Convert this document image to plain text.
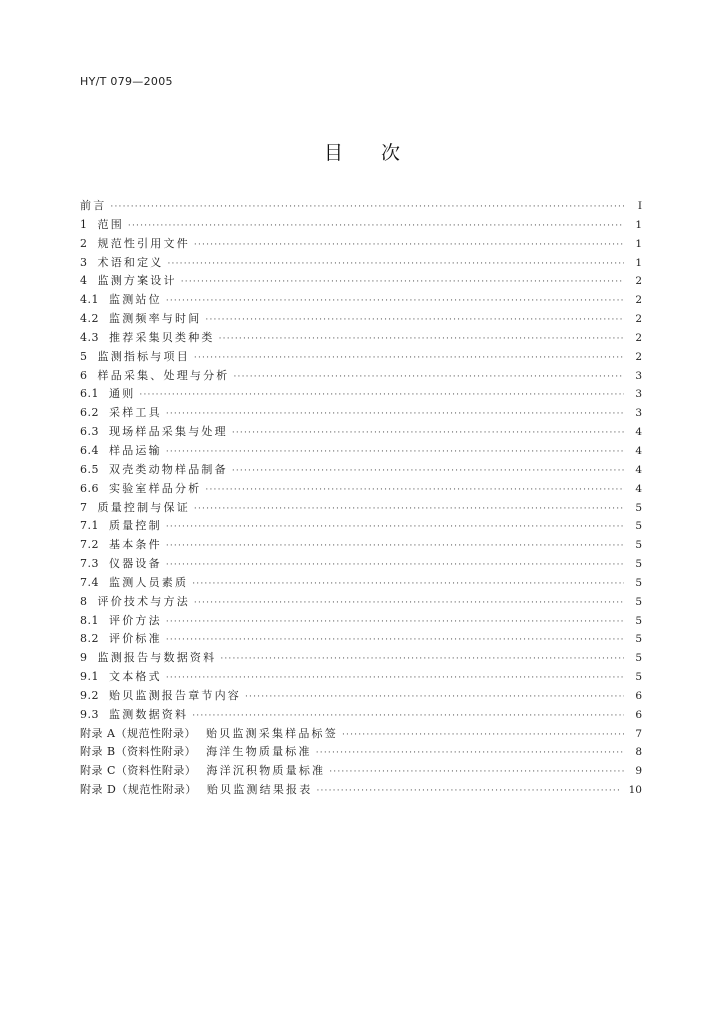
HY/T 079—2005
目 次
前言 ·····	I
1 范围 ·····	1
2 规范性引用文件 ·····	1
3 术语和定义 ·····	1
4 监测方案设计 ·····	2
4.1 监测站位 ·····	2
4.2 监测频率与时间 ·····	2
4.3 推荐采集贝类种类 ·····	2
5 监测指标与项目 ·····	2
6 样品采集、处理与分析 ·····	3
6.1 通则 ·····	3
6.2 采样工具 ·····	3
6.3 现场样品采集与处理 ·····	4
6.4 样品运输 ·····	4
6.5 双壳类动物样品制备 ·····	4
6.6 实验室样品分析 ·····	4
7 质量控制与保证 ·····	5
7.1 质量控制 ·····	5
7.2 基本条件 ·····	5
7.3 仪器设备 ·····	5
7.4 监测人员素质 ·····	5
8 评价技术与方法 ·····	5
8.1 评价方法 ·····	5
8.2 评价标准 ·····	5
9 监测报告与数据资料 ·····	5
9.1 文本格式 ·····	5
9.2 贻贝监测报告章节内容 ·····	6
9.3 监测数据资料 ·····	6
附录 A（规范性附录） 贻贝监测采集样品标签 ·····	7
附录 B（资料性附录） 海洋生物质量标准 ·····	8
附录 C（资料性附录） 海洋沉积物质量标准 ·····	9
附录 D（规范性附录） 贻贝监测结果报表 ·····	10
